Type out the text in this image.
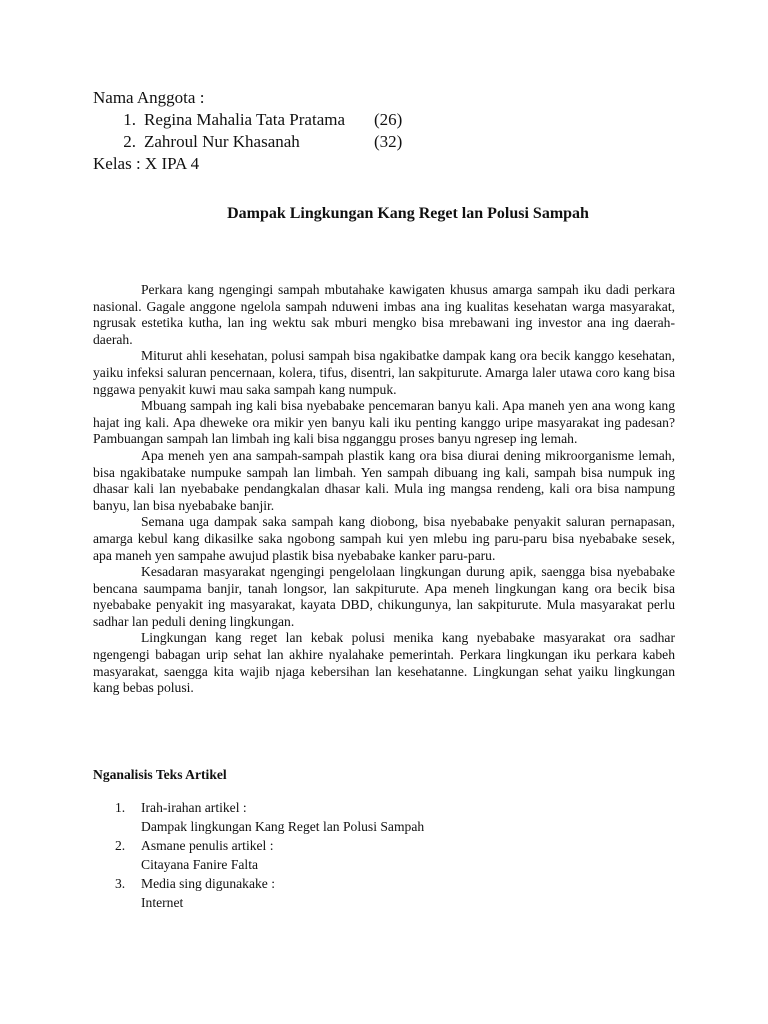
Nama Anggota :
1. Regina Mahalia Tata Pratama	(26)
2. Zahroul Nur Khasanah	(32)
Kelas : X IPA 4
Dampak Lingkungan Kang Reget lan Polusi Sampah

Perkara kang ngengingi sampah mbutahake kawigaten khusus amarga sampah iku dadi perkara nasional. Gagale anggone ngelola sampah nduweni imbas ana ing kualitas kesehatan warga masyarakat, ngrusak estetika kutha, lan ing wektu sak mburi mengko bisa mrebawani ing investor ana ing daerah-daerah.

Miturut ahli kesehatan, polusi sampah bisa ngakibatke dampak kang ora becik kanggo kesehatan, yaiku infeksi saluran pencernaan, kolera, tifus, disentri, lan sakpiturute. Amarga laler utawa coro kang bisa nggawa penyakit kuwi mau saka sampah kang numpuk.

Mbuang sampah ing kali bisa nyebabake pencemaran banyu kali. Apa maneh yen ana wong kang hajat ing kali. Apa dheweke ora mikir yen banyu kali iku penting kanggo uripe masyarakat ing padesan? Pambuangan sampah lan limbah ing kali bisa ngganggu proses banyu ngresep ing lemah.

Apa meneh yen ana sampah-sampah plastik kang ora bisa diurai dening mikroorganisme lemah, bisa ngakibatake numpuke sampah lan limbah. Yen sampah dibuang ing kali, sampah bisa numpuk ing dhasar kali lan nyebabake pendangkalan dhasar kali. Mula ing mangsa rendeng, kali ora bisa nampung banyu, lan bisa nyebabake banjir.

Semana uga dampak saka sampah kang diobong, bisa nyebabake penyakit saluran pernapasan, amarga kebul kang dikasilke saka ngobong sampah kui yen mlebu ing paru-paru bisa nyebabake sesek, apa maneh yen sampahe awujud plastik bisa nyebabake kanker paru-paru.

Kesadaran masyarakat ngengingi pengelolaan lingkungan durung apik, saengga bisa nyebabake bencana saumpama banjir, tanah longsor, lan sakpiturute. Apa meneh lingkungan kang ora becik bisa nyebabake penyakit ing masyarakat, kayata DBD, chikungunya, lan sakpiturute. Mula masyarakat perlu sadhar lan peduli dening lingkungan.

Lingkungan kang reget lan kebak polusi menika kang nyebabake masyarakat ora sadhar ngengengi babagan urip sehat lan akhire nyalahake pemerintah. Perkara lingkungan iku perkara kabeh masyarakat, saengga kita wajib njaga kebersihan lan kesehatanne. Lingkungan sehat yaiku lingkungan kang bebas polusi.

Nganalisis Teks Artikel
1.	Irah-irahan artikel :
Dampak lingkungan Kang Reget lan Polusi Sampah
2.	Asmane penulis artikel :
Citayana Fanire Falta
3.	Media sing digunakake :
Internet
